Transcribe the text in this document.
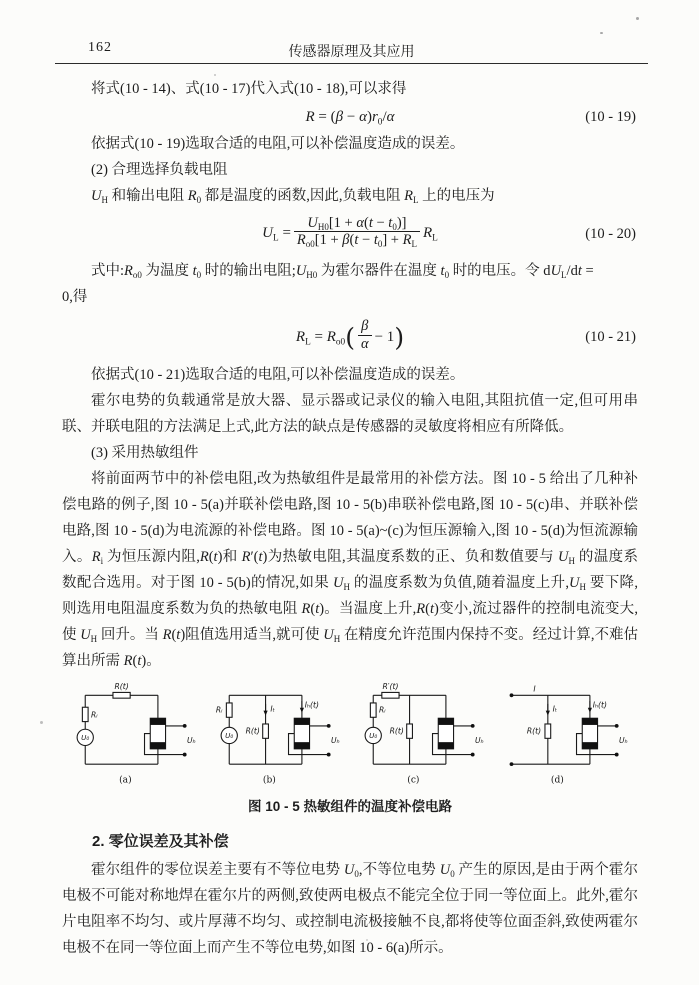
162	传感器原理及其应用

将式(10 - 14)、式(10 - 17)代入式(10 - 18),可以求得

$R = (\beta - \alpha)r_0/\alpha$	(10 - 19)

依据式(10 - 19)选取合适的电阻,可以补偿温度造成的误差。

(2) 合理选择负载电阻

$U_H$ 和输出电阻 $R_0$ 都是温度的函数,因此,负载电阻 $R_L$ 上的电压为

$U_L = \frac{U_{H0}[1 + \alpha(t - t_0)]}{R_{o0}[1 + \beta(t - t_0] + R_L} R_L$	(10 - 20)

式中$:R_{o0}$ 为温度 $t_0$ 时的输出电阻$;U_{H0}$ 为霍尔器件在温度 $t_0$ 时的电压。令 $dU_L/dt$ =

0,得

$R_L = R_{o0}( \frac{\beta}{\alpha} - 1)$	(10 - 21)

依据式(10 - 21)选取合适的电阻,可以补偿温度造成的误差。

霍尔电势的负载通常是放大器、显示器或记录仪的输入电阻,其阻抗值一定,但可用串联、并联电阻的方法满足上式,此方法的缺点是传感器的灵敏度将相应有所降低。

(3) 采用热敏组件

将前面两节中的补偿电阻,改为热敏组件是最常用的补偿方法。图 10 - 5 给出了几种补偿电路的例子,图 10 - 5(a)并联补偿电路,图 10 - 5(b)串联补偿电路,图 10 - 5(c)串、并联补偿电路,图 10 - 5(d)为电流源的补偿电路。图 10 - 5(a)~(c)为恒压源输入,图 10 - 5(d)为恒流源输入。$R_i$ 为恒压源内阻,R(t)和 R′(t)为热敏电阻,其温度系数的正、负和数值要与 $U_H$ 的温度系数配合选用。对于图 10 - 5(b)的情况,如果 $U_H$ 的温度系数为负值,随着温度上升$,U_H$ 要下降,则选用电阻温度系数为负的热敏电阻 R(t)。当温度上升,R(t)变小,流过器件的控制电流变大,使 $U_H$ 回升。当 R(t)阻值选用适当,就可使 $U_H$ 在精度允许范围内保持不变。经过计算,不难估算出所需 R(t)。

U₀
R(t)
Rᵢ
Uₕ
(a)
U₀
Rᵢ
R(t)
Iₜ	Iₕ(t)
Uₕ
(b)
U₀
R′(t)
Rᵢ
R(t)
Uₕ
(c)
I
R(t)
Iₜ	Iₕ(t)
Uₕ
(d)
图 10 - 5 热敏组件的温度补偿电路
2. 零位误差及其补偿

霍尔组件的零位误差主要有不等位电势 $U_0$,不等位电势 $U_0$ 产生的原因,是由于两个霍尔电极不可能对称地焊在霍尔片的两侧,致使两电极点不能完全位于同一等位面上。此外,霍尔片电阻率不均匀、或片厚薄不均匀、或控制电流极接触不良,都将使等位面歪斜,致使两霍尔电极不在同一等位面上而产生不等位电势,如图 10 - 6(a)所示。
